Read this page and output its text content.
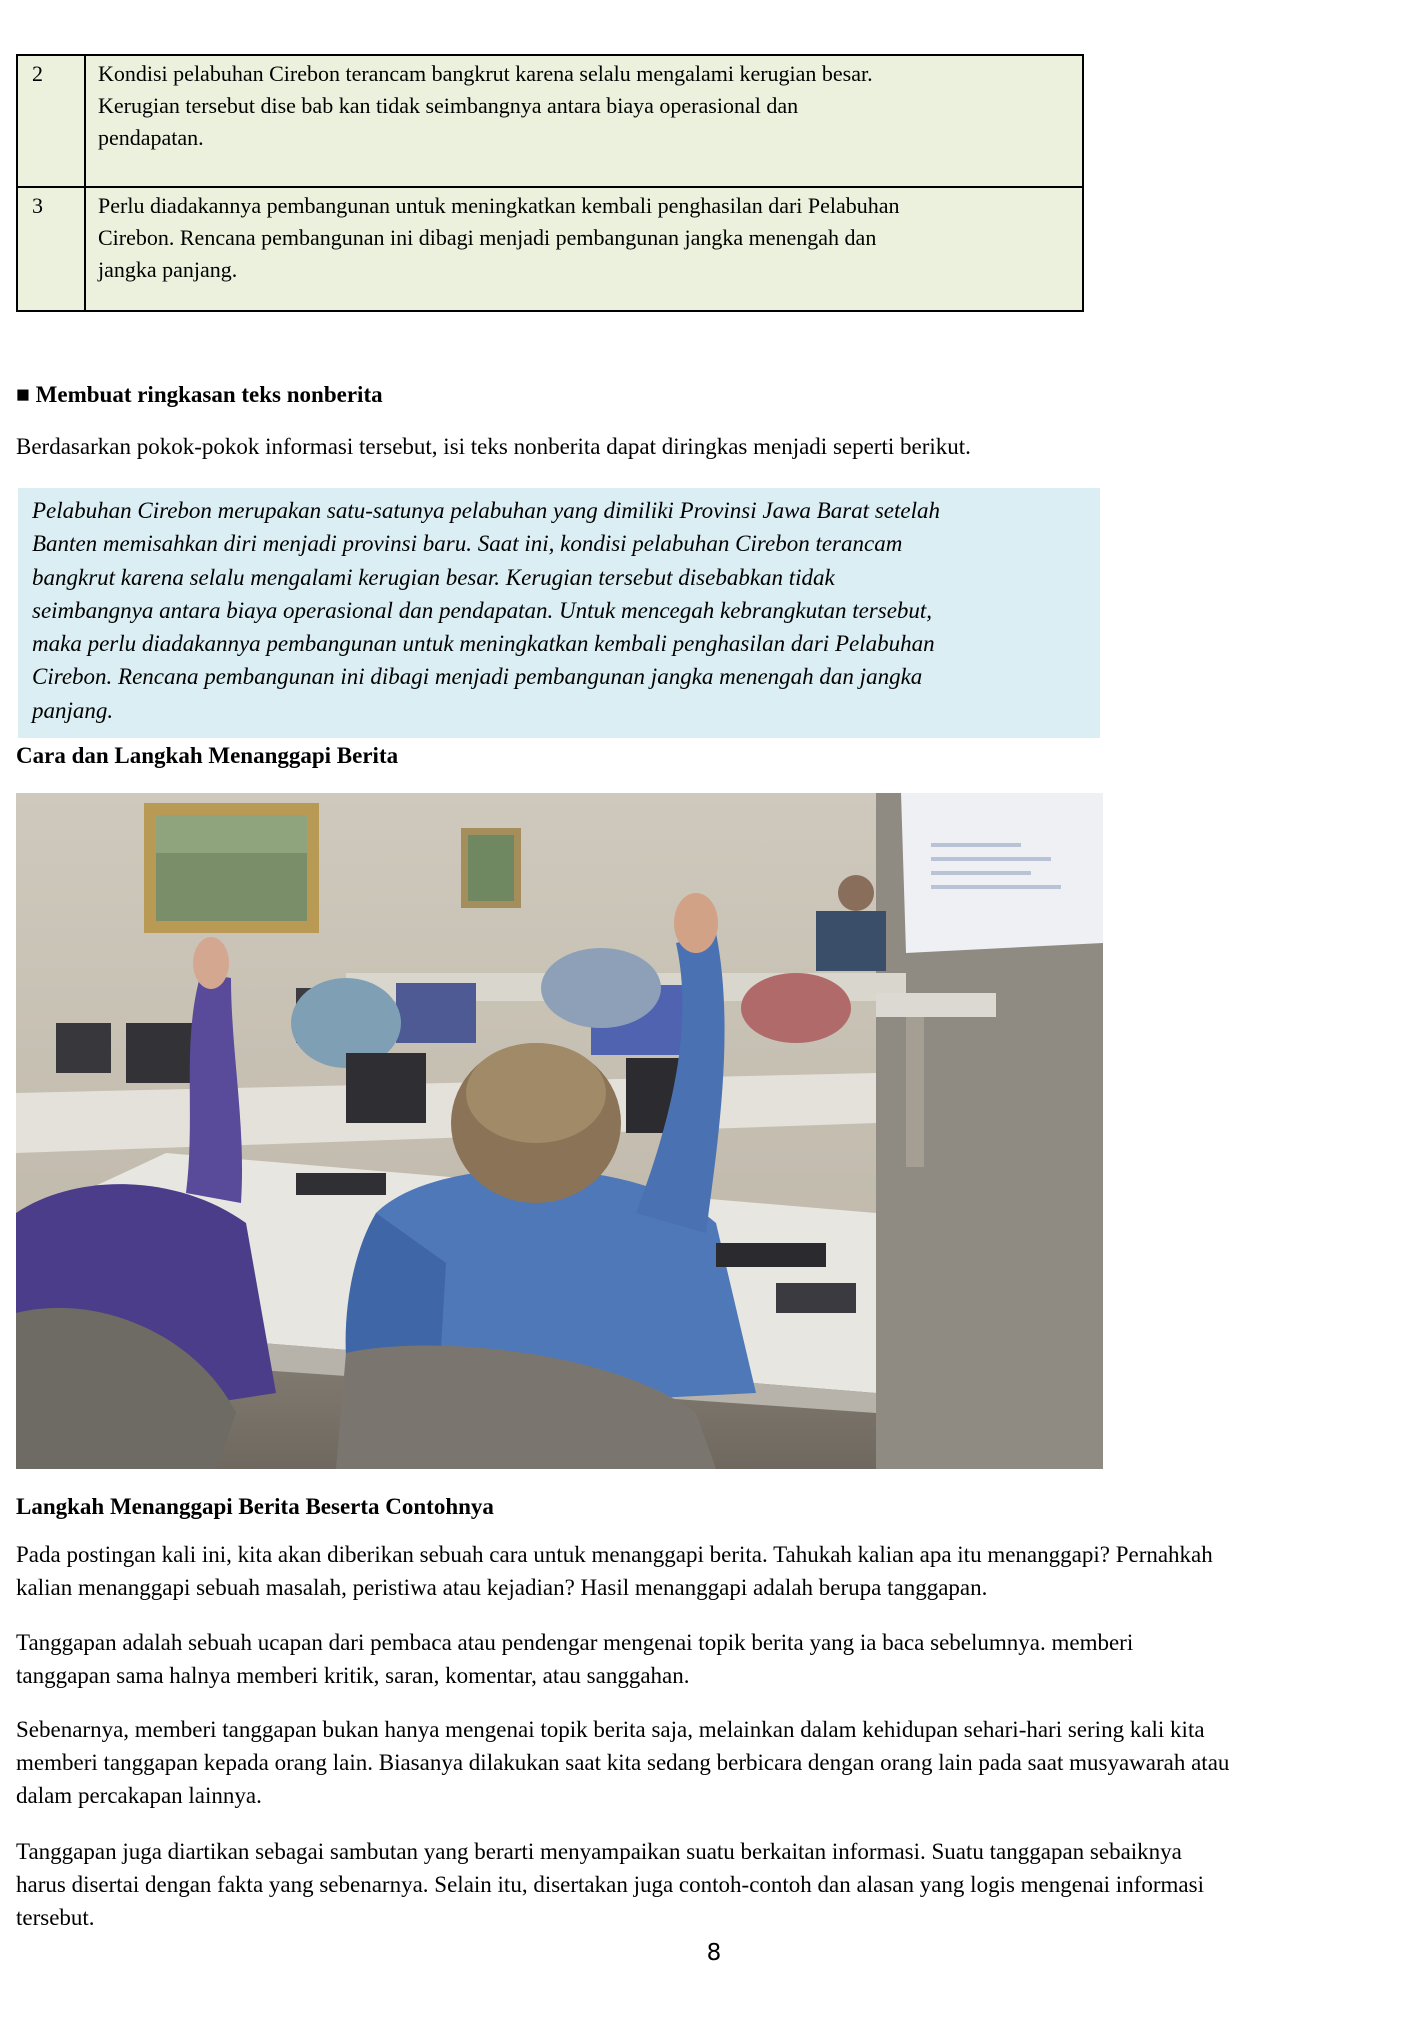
2	Kondisi pelabuhan Cirebon terancam bangkrut karena selalu mengalami kerugian besar.
Kerugian tersebut dise bab kan tidak seimbangnya antara biaya operasional dan
pendapatan.

3	Perlu diadakannya pembangunan untuk meningkatkan kembali penghasilan dari Pelabuhan
Cirebon. Rencana pembangunan ini dibagi menjadi pembangunan jangka menengah dan
jangka panjang.
■ Membuat ringkasan teks nonberita
Berdasarkan pokok-pokok informasi tersebut, isi teks nonberita dapat diringkas menjadi seperti berikut.

Pelabuhan Cirebon merupakan satu-satunya pelabuhan yang dimiliki Provinsi Jawa Barat setelah

Banten memisahkan diri menjadi provinsi baru. Saat ini, kondisi pelabuhan Cirebon terancam

bangkrut karena selalu mengalami kerugian besar. Kerugian tersebut disebabkan tidak

seimbangnya antara biaya operasional dan pendapatan. Untuk mencegah kebrangkutan tersebut,

maka perlu diadakannya pembangunan untuk meningkatkan kembali penghasilan dari Pelabuhan

Cirebon. Rencana pembangunan ini dibagi menjadi pembangunan jangka menengah dan jangka

panjang.

Cara dan Langkah Menanggapi Berita
Langkah Menanggapi Berita Beserta Contohnya
Pada postingan kali ini, kita akan diberikan sebuah cara untuk menanggapi berita. Tahukah kalian apa itu menanggapi? Pernahkah
kalian menanggapi sebuah masalah, peristiwa atau kejadian? Hasil menanggapi adalah berupa tanggapan.
Tanggapan adalah sebuah ucapan dari pembaca atau pendengar mengenai topik berita yang ia baca sebelumnya. memberi
tanggapan sama halnya memberi kritik, saran, komentar, atau sanggahan.
Sebenarnya, memberi tanggapan bukan hanya mengenai topik berita saja, melainkan dalam kehidupan sehari-hari sering kali kita
memberi tanggapan kepada orang lain. Biasanya dilakukan saat kita sedang berbicara dengan orang lain pada saat musyawarah atau
dalam percakapan lainnya.
Tanggapan juga diartikan sebagai sambutan yang berarti menyampaikan suatu berkaitan informasi. Suatu tanggapan sebaiknya
harus disertai dengan fakta yang sebenarnya. Selain itu, disertakan juga contoh-contoh dan alasan yang logis mengenai informasi
tersebut.
8
